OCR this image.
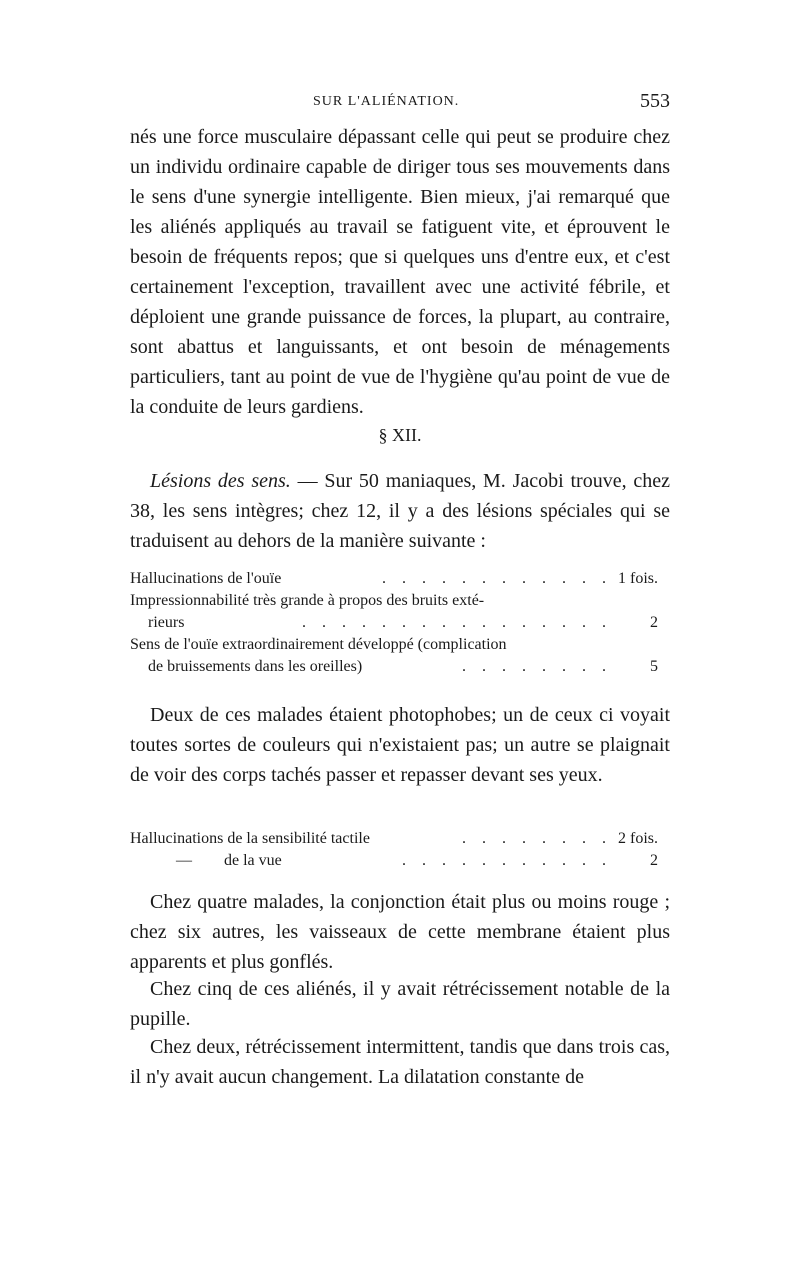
SUR L'ALIÉNATION.	553
nés une force musculaire dépassant celle qui peut se produire chez un individu ordinaire capable de diriger tous ses mouvements dans le sens d'une synergie intelligente. Bien mieux, j'ai remarqué que les aliénés appliqués au travail se fatiguent vite, et éprouvent le besoin de fréquents repos; que si quelques uns d'entre eux, et c'est certainement l'exception, travaillent avec une activité fébrile, et déploient une grande puissance de forces, la plupart, au contraire, sont abattus et languissants, et ont besoin de ménagements particuliers, tant au point de vue de l'hygiène qu'au point de vue de la conduite de leurs gardiens.
§ XII.
Lésions des sens. — Sur 50 maniaques, M. Jacobi trouve, chez 38, les sens intègres; chez 12, il y a des lésions spéciales qui se traduisent au dehors de la manière suivante :
Hallucinations de l'ouïe	. . . . . . . . . . . . 1 fois.
Impressionnabilité très grande à propos des bruits exté-
rieurs	. . . . . . . . . . . . . . . . 2
Sens de l'ouïe extraordinairement développé (complication
de bruissements dans les oreilles)	. . . . . . . . 5
Deux de ces malades étaient photophobes; un de ceux ci voyait toutes sortes de couleurs qui n'existaient pas; un autre se plaignait de voir des corps tachés passer et repasser devant ses yeux.
Hallucinations de la sensibilité tactile	. . . . . . . . 2 fois.
—        de la vue	. . . . . . . . . . . 2
Chez quatre malades, la conjonction était plus ou moins rouge ; chez six autres, les vaisseaux de cette membrane étaient plus apparents et plus gonflés.
Chez cinq de ces aliénés, il y avait rétrécissement notable de la pupille.
Chez deux, rétrécissement intermittent, tandis que dans trois cas, il n'y avait aucun changement. La dilatation constante de
